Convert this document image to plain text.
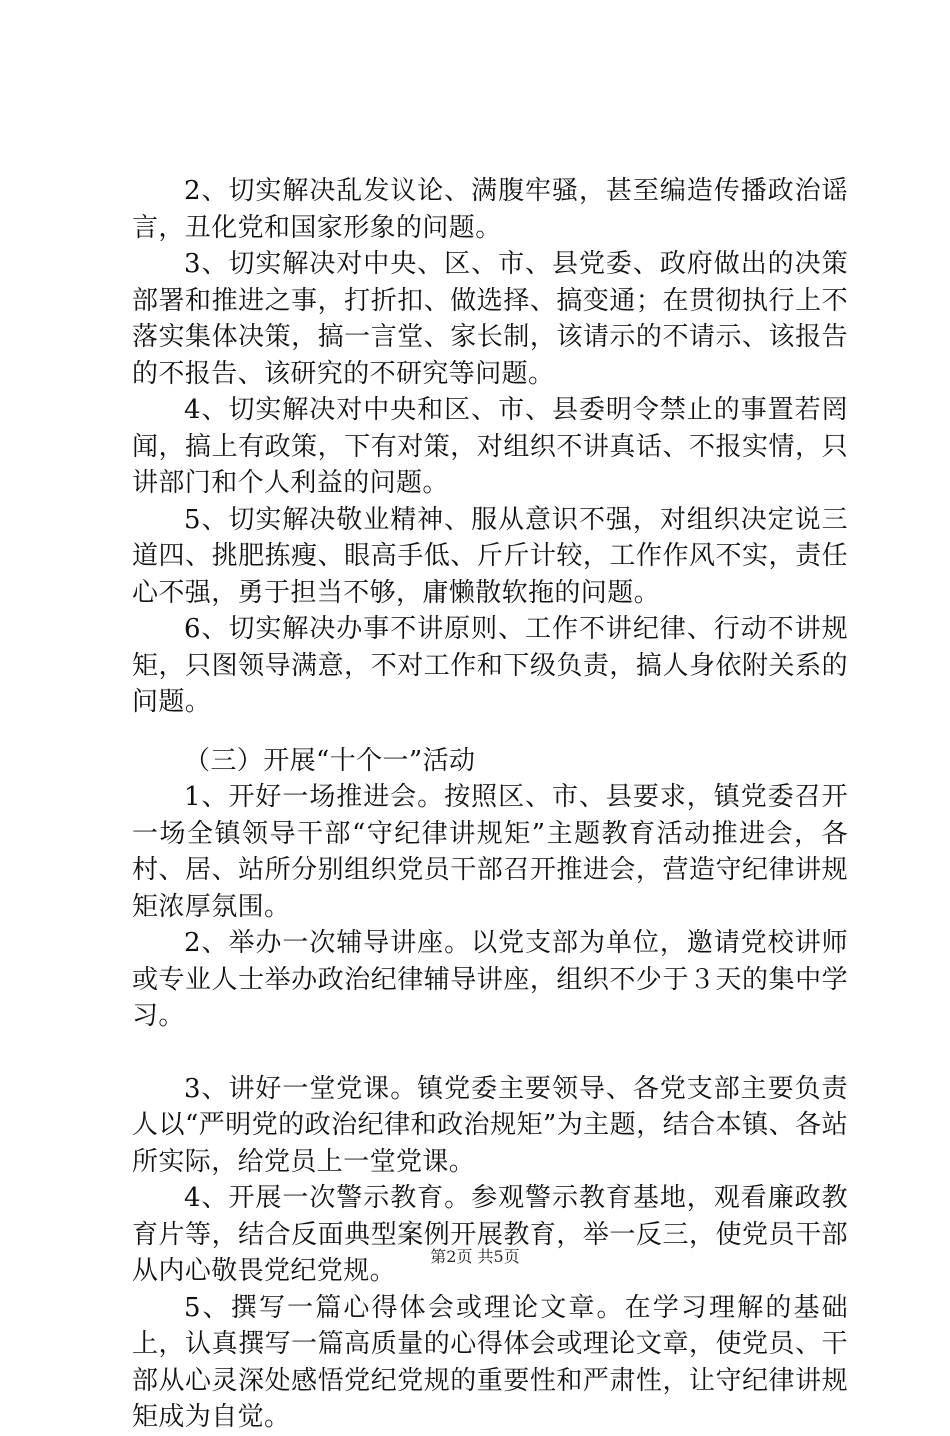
2、切实解决乱发议论、满腹牢骚，甚至编造传播政治谣言，丑化党和国家形象的问题。

3、切实解决对中央、区、市、县党委、政府做出的决策部署和推进之事，打折扣、做选择、搞变通；在贯彻执行上不落实集体决策，搞一言堂、家长制，该请示的不请示、该报告的不报告、该研究的不研究等问题。

4、切实解决对中央和区、市、县委明令禁止的事置若罔闻，搞上有政策，下有对策，对组织不讲真话、不报实情，只讲部门和个人利益的问题。

5、切实解决敬业精神、服从意识不强，对组织决定说三道四、挑肥拣瘦、眼高手低、斤斤计较，工作作风不实，责任心不强，勇于担当不够，庸懒散软拖的问题。

6、切实解决办事不讲原则、工作不讲纪律、行动不讲规矩，只图领导满意，不对工作和下级负责，搞人身依附关系的问题。

（三）开展“十个一”活动

1、开好一场推进会。按照区、市、县要求，镇党委召开一场全镇领导干部“守纪律讲规矩”主题教育活动推进会，各村、居、站所分别组织党员干部召开推进会，营造守纪律讲规矩浓厚氛围。

2、举办一次辅导讲座。以党支部为单位，邀请党校讲师或专业人士举办政治纪律辅导讲座，组织不少于３天的集中学习。

3、讲好一堂党课。镇党委主要领导、各党支部主要负责人以“严明党的政治纪律和政治规矩”为主题，结合本镇、各站所实际，给党员上一堂党课。

4、开展一次警示教育。参观警示教育基地，观看廉政教育片等，结合反面典型案例开展教育，举一反三，使党员干部从内心敬畏党纪党规。

5、撰写一篇心得体会或理论文章。在学习理解的基础上，认真撰写一篇高质量的心得体会或理论文章，使党员、干部从心灵深处感悟党纪党规的重要性和严肃性，让守纪律讲规矩成为自觉。

第2页 共5页
